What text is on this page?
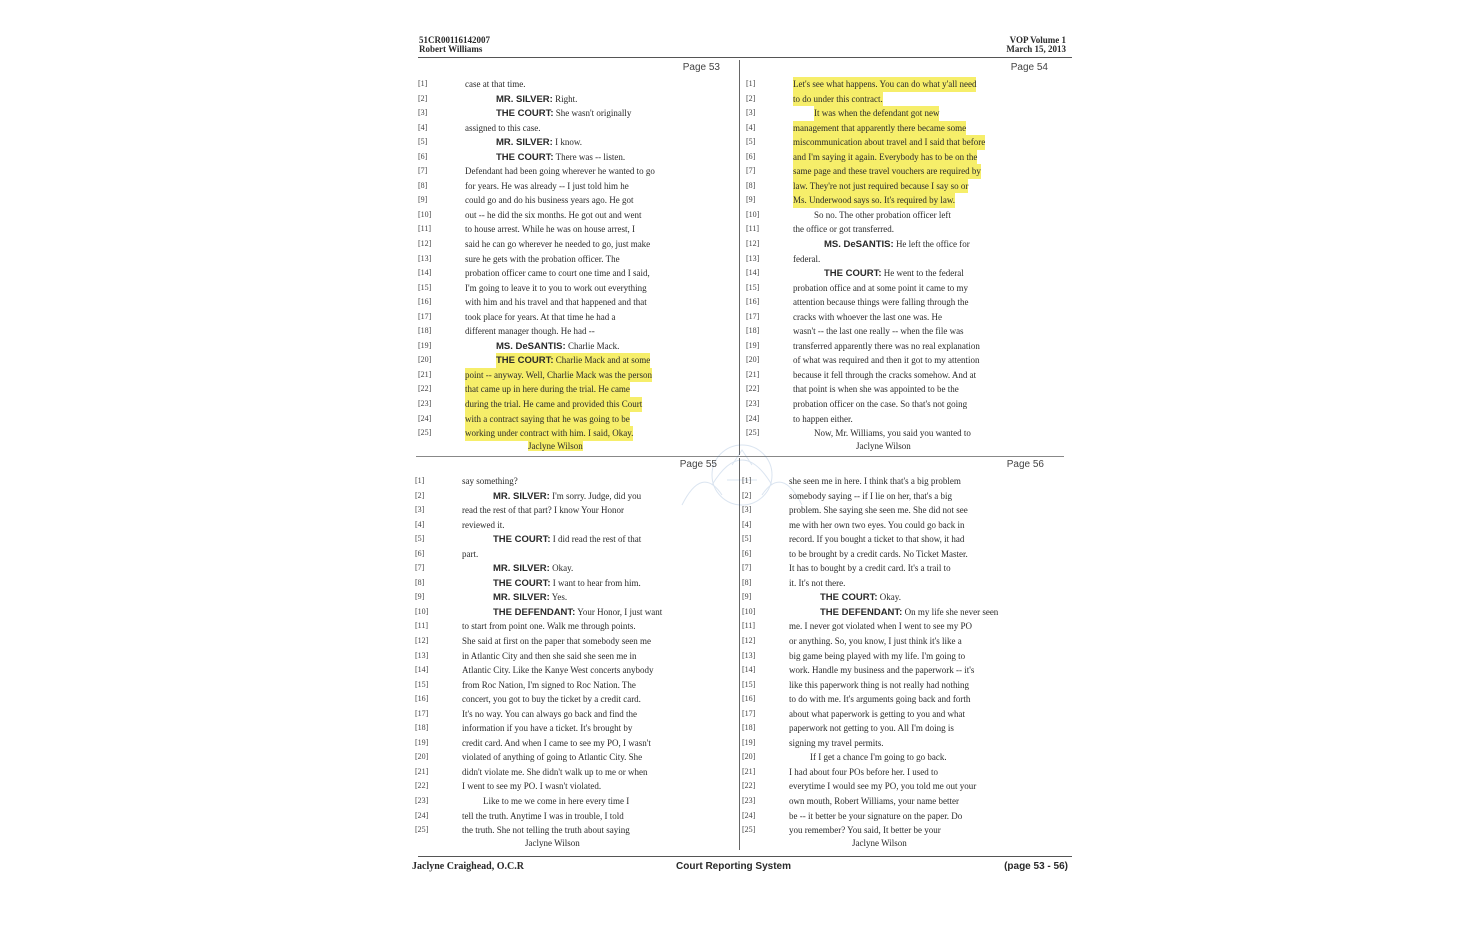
51CR00116142007
Robert Williams
VOP Volume 1
March 15, 2013
Page 53
[1]	case at that time.
[2]	MR. SILVER: Right.
[3]	THE COURT: She wasn't originally
[4]	assigned to this case.
[5]	MR. SILVER: I know.
[6]	THE COURT: There was -- listen.
[7]	Defendant had been going wherever he wanted to go
[8]	for years. He was already -- I just told him he
[9]	could go and do his business years ago. He got
[10]	out -- he did the six months. He got out and went
[11]	to house arrest. While he was on house arrest, I
[12]	said he can go wherever he needed to go, just make
[13]	sure he gets with the probation officer. The
[14]	probation officer came to court one time and I said,
[15]	I'm going to leave it to you to work out everything
[16]	with him and his travel and that happened and that
[17]	took place for years. At that time he had a
[18]	different manager though. He had --
[19]	MS. DeSANTIS: Charlie Mack.
[20]	THE COURT: Charlie Mack and at some
[21]	point -- anyway. Well, Charlie Mack was the person
[22]	that came up in here during the trial. He came
[23]	during the trial. He came and provided this Court
[24]	with a contract saying that he was going to be
[25]	working under contract with him. I said, Okay.
Jaclyne Wilson
Page 54
[1]	Let's see what happens. You can do what y'all need
[2]	to do under this contract.
[3]	It was when the defendant got new
[4]	management that apparently there became some
[5]	miscommunication about travel and I said that before
[6]	and I'm saying it again. Everybody has to be on the
[7]	same page and these travel vouchers are required by
[8]	law. They're not just required because I say so or
[9]	Ms. Underwood says so. It's required by law.
[10]	So no. The other probation officer left
[11]	the office or got transferred.
[12]	MS. DeSANTIS: He left the office for
[13]	federal.
[14]	THE COURT: He went to the federal
[15]	probation office and at some point it came to my
[16]	attention because things were falling through the
[17]	cracks with whoever the last one was. He
[18]	wasn't -- the last one really -- when the file was
[19]	transferred apparently there was no real explanation
[20]	of what was required and then it got to my attention
[21]	because it fell through the cracks somehow. And at
[22]	that point is when she was appointed to be the
[23]	probation officer on the case. So that's not going
[24]	to happen either.
[25]	Now, Mr. Williams, you said you wanted to
Jaclyne Wilson
Page 55
[1]	say something?
[2]	MR. SILVER: I'm sorry. Judge, did you
[3]	read the rest of that part? I know Your Honor
[4]	reviewed it.
[5]	THE COURT: I did read the rest of that
[6]	part.
[7]	MR. SILVER: Okay.
[8]	THE COURT: I want to hear from him.
[9]	MR. SILVER: Yes.
[10]	THE DEFENDANT: Your Honor, I just want
[11]	to start from point one. Walk me through points.
[12]	She said at first on the paper that somebody seen me
[13]	in Atlantic City and then she said she seen me in
[14]	Atlantic City. Like the Kanye West concerts anybody
[15]	from Roc Nation, I'm signed to Roc Nation. The
[16]	concert, you got to buy the ticket by a credit card.
[17]	It's no way. You can always go back and find the
[18]	information if you have a ticket. It's brought by
[19]	credit card. And when I came to see my PO, I wasn't
[20]	violated of anything of going to Atlantic City. She
[21]	didn't violate me. She didn't walk up to me or when
[22]	I went to see my PO. I wasn't violated.
[23]	Like to me we come in here every time I
[24]	tell the truth. Anytime I was in trouble, I told
[25]	the truth. She not telling the truth about saying
Jaclyne Wilson
Page 56
[1]	she seen me in here. I think that's a big problem
[2]	somebody saying -- if I lie on her, that's a big
[3]	problem. She saying she seen me. She did not see
[4]	me with her own two eyes. You could go back in
[5]	record. If you bought a ticket to that show, it had
[6]	to be brought by a credit cards. No Ticket Master.
[7]	It has to bought by a credit card. It's a trail to
[8]	it. It's not there.
[9]	THE COURT: Okay.
[10]	THE DEFENDANT: On my life she never seen
[11]	me. I never got violated when I went to see my PO
[12]	or anything. So, you know, I just think it's like a
[13]	big game being played with my life. I'm going to
[14]	work. Handle my business and the paperwork -- it's
[15]	like this paperwork thing is not really had nothing
[16]	to do with me. It's arguments going back and forth
[17]	about what paperwork is getting to you and what
[18]	paperwork not getting to you. All I'm doing is
[19]	signing my travel permits.
[20]	If I get a chance I'm going to go back.
[21]	I had about four POs before her. I used to
[22]	everytime I would see my PO, you told me out your
[23]	own mouth, Robert Williams, your name better
[24]	be -- it better be your signature on the paper. Do
[25]	you remember? You said, It better be your
Jaclyne Wilson
Jaclyne Craighead, O.C.R	Court Reporting System	(page 53 - 56)
